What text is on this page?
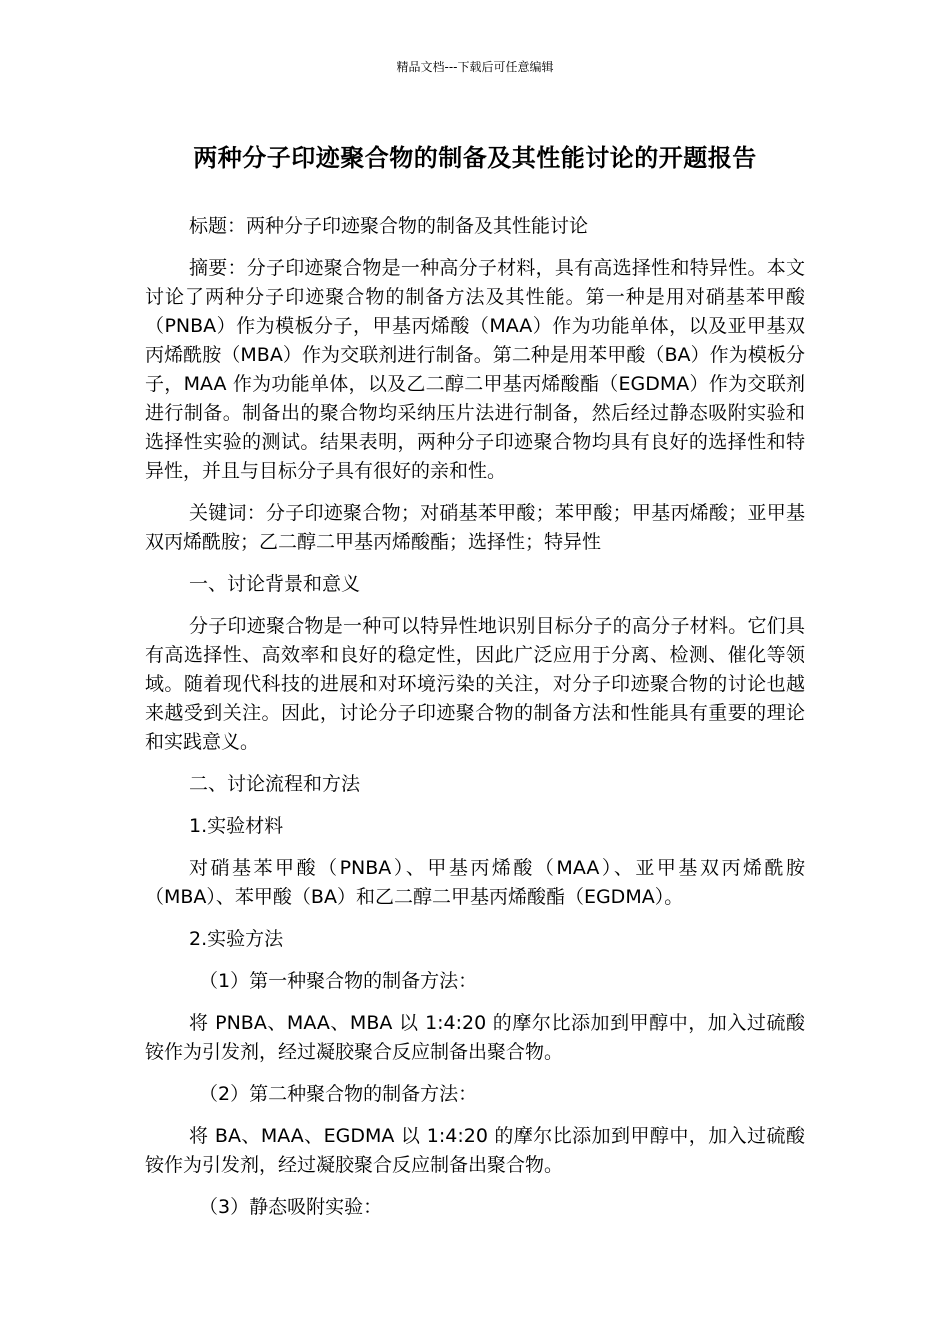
精品文档---下载后可任意编辑
两种分子印迹聚合物的制备及其性能讨论的开题报告

标题：两种分子印迹聚合物的制备及其性能讨论

摘要：分子印迹聚合物是一种高分子材料，具有高选择性和特异性。本文讨论了两种分子印迹聚合物的制备方法及其性能。第一种是用对硝基苯甲酸（PNBA）作为模板分子，甲基丙烯酸（MAA）作为功能单体，以及亚甲基双丙烯酰胺（MBA）作为交联剂进行制备。第二种是用苯甲酸（BA）作为模板分子，MAA 作为功能单体，以及乙二醇二甲基丙烯酸酯（EGDMA）作为交联剂进行制备。制备出的聚合物均采纳压片法进行制备，然后经过静态吸附实验和选择性实验的测试。结果表明，两种分子印迹聚合物均具有良好的选择性和特异性，并且与目标分子具有很好的亲和性。

关键词：分子印迹聚合物；对硝基苯甲酸；苯甲酸；甲基丙烯酸；亚甲基双丙烯酰胺；乙二醇二甲基丙烯酸酯；选择性；特异性

一、讨论背景和意义

分子印迹聚合物是一种可以特异性地识别目标分子的高分子材料。它们具有高选择性、高效率和良好的稳定性，因此广泛应用于分离、检测、催化等领域。随着现代科技的进展和对环境污染的关注，对分子印迹聚合物的讨论也越来越受到关注。因此，讨论分子印迹聚合物的制备方法和性能具有重要的理论和实践意义。

二、讨论流程和方法

1.实验材料

对硝基苯甲酸（PNBA）、甲基丙烯酸（MAA）、亚甲基双丙烯酰胺（MBA）、苯甲酸（BA）和乙二醇二甲基丙烯酸酯（EGDMA）。

2.实验方法

（1）第一种聚合物的制备方法：

将 PNBA、MAA、MBA 以 1:4:20 的摩尔比添加到甲醇中，加入过硫酸铵作为引发剂，经过凝胶聚合反应制备出聚合物。

（2）第二种聚合物的制备方法：

将 BA、MAA、EGDMA 以 1:4:20 的摩尔比添加到甲醇中，加入过硫酸铵作为引发剂，经过凝胶聚合反应制备出聚合物。

（3）静态吸附实验：
